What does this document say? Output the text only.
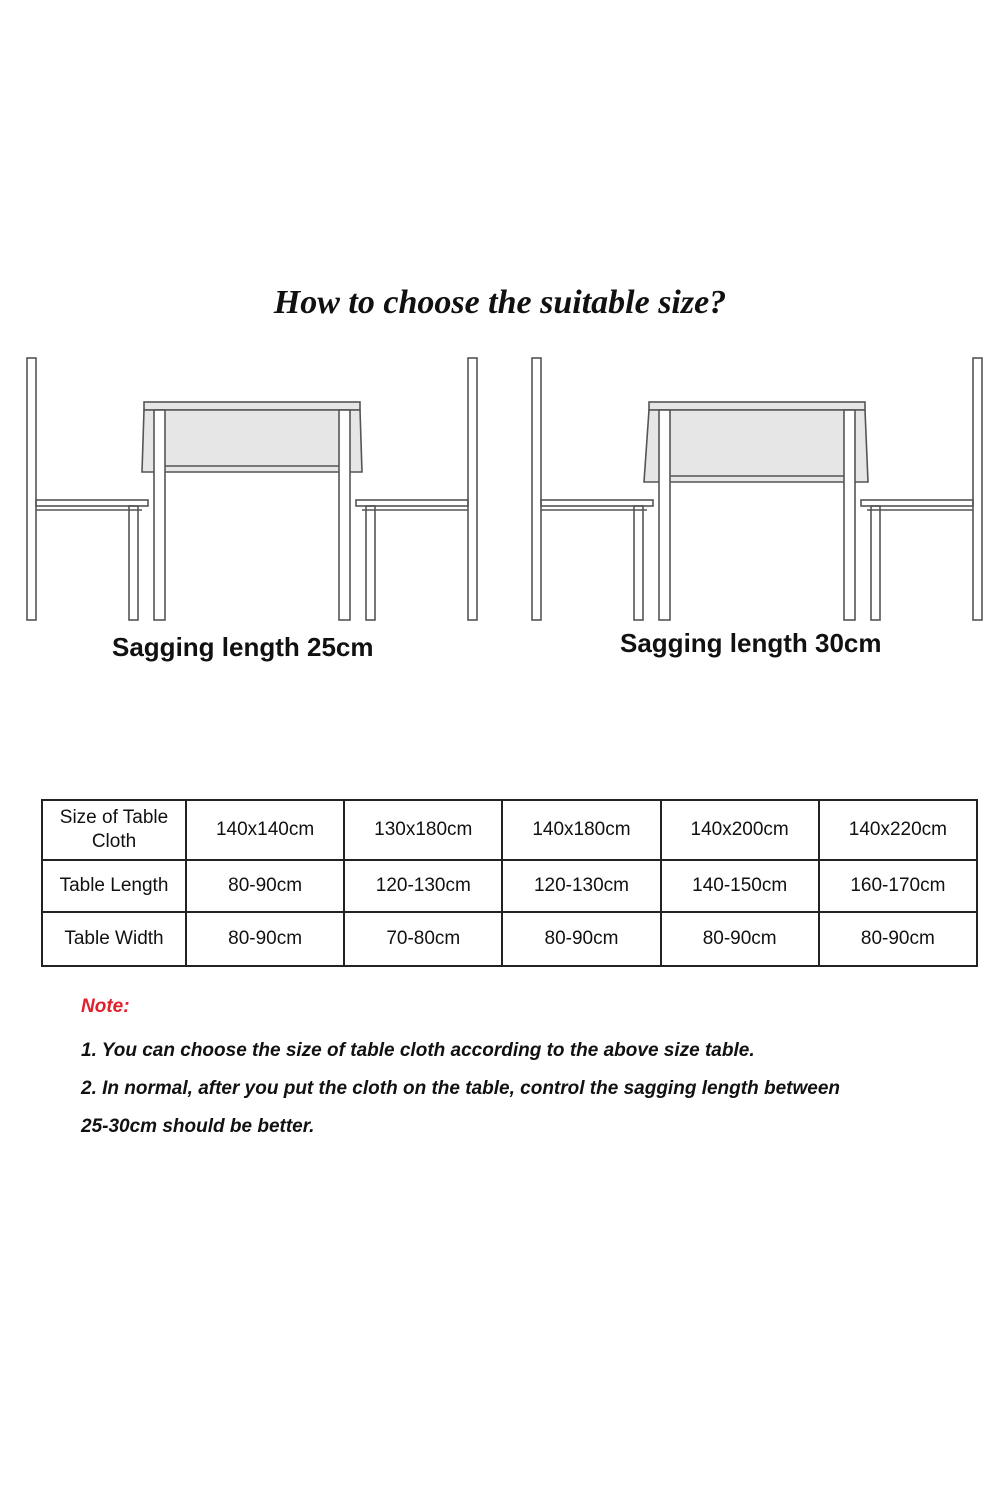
How to choose the suitable size?
Sagging length 25cm	Sagging length 30cm
Size of Table Cloth	140x140cm	130x180cm	140x180cm	140x200cm	140x220cm
Table Length	80-90cm	120-130cm	120-130cm	140-150cm	160-170cm
Table Width	80-90cm	70-80cm	80-90cm	80-90cm	80-90cm
Note:
1. You can choose the size of table cloth according to the above size table.
2. In normal, after you put the cloth on the table, control the sagging length between
25-30cm should be better.
